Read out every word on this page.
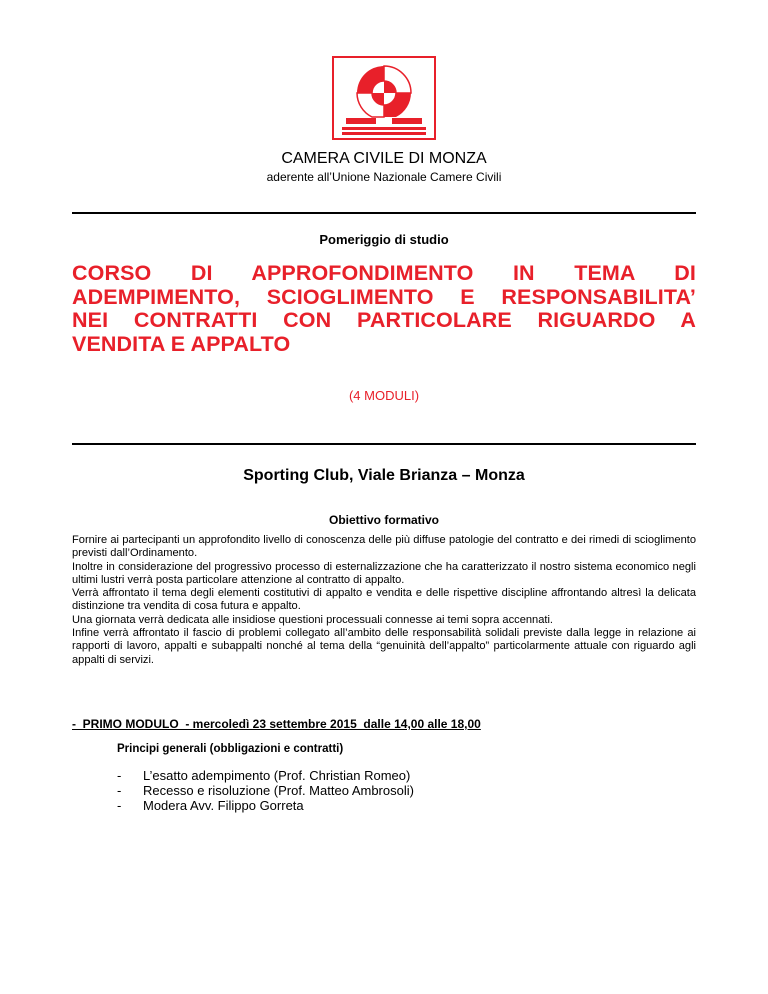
CAMERA CIVILE DI MONZA
aderente all’Unione Nazionale Camere Civili
Pomeriggio di studio
CORSO DI APPROFONDIMENTO IN TEMA DI
ADEMPIMENTO, SCIOGLIMENTO E RESPONSABILITA’
NEI CONTRATTI CON PARTICOLARE RIGUARDO A
VENDITA E APPALTO
(4 MODULI)
Sporting Club, Viale Brianza – Monza
Obiettivo formativo
Fornire ai partecipanti un approfondito livello di conoscenza delle più diffuse patologie del contratto e dei rimedi di scioglimento previsti dall’Ordinamento.
Inoltre in considerazione del progressivo processo di esternalizzazione che ha caratterizzato il nostro sistema economico negli ultimi lustri verrà posta particolare attenzione al contratto di appalto.
Verrà affrontato il tema degli elementi costitutivi di appalto e vendita e delle rispettive discipline affrontando altresì la delicata distinzione tra vendita di cosa futura e appalto.
Una giornata verrà dedicata alle insidiose questioni processuali connesse ai temi sopra accennati.
Infine verrà affrontato il fascio di problemi collegato all’ambito delle responsabilità solidali previste dalla legge in relazione ai rapporti di lavoro, appalti e subappalti nonché al tema della “genuinità dell’appalto” particolarmente attuale con riguardo agli appalti di servizi.
-  PRIMO MODULO  - mercoledì 23 settembre 2015  dalle 14,00 alle 18,00
Principi generali (obbligazioni e contratti)
- L’esatto adempimento (Prof. Christian Romeo)
- Recesso e risoluzione (Prof. Matteo Ambrosoli)
- Modera Avv. Filippo Gorreta
